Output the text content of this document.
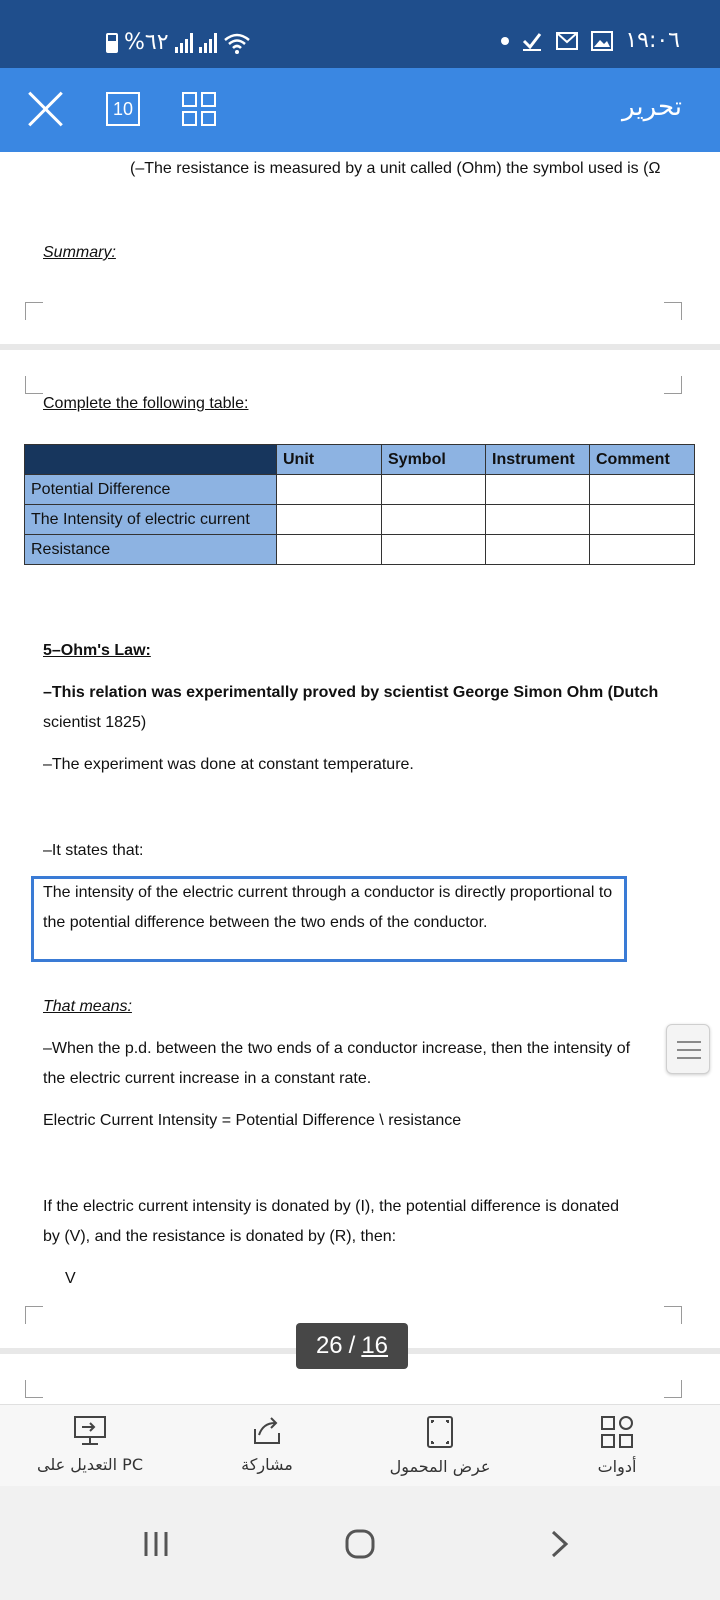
%٦٢	١٩:٠٦
10	تحرير
(–The resistance is measured by a unit called (Ohm) the symbol used is (Ω
Summary:
Complete the following table:
	Unit	Symbol	Instrument	Comment
Potential Difference				
The Intensity of electric current				
Resistance				
5–Ohm's Law:
–This relation was experimentally proved by scientist George Simon Ohm (Dutch
scientist 1825)
–The experiment was done at constant temperature.
–It states that:
The intensity of the electric current through a conductor is directly proportional to
the potential difference between the two ends of the conductor.
That means:
–When the p.d. between the two ends of a conductor increase, then the intensity of
the electric current increase in a constant rate.
Electric Current Intensity = Potential Difference \ resistance
If the electric current intensity is donated by (I), the potential difference is donated
by (V), and the resistance is donated by (R), then:
V
26 / 16
التعديل على PC	مشاركة	عرض المحمول	أدوات
